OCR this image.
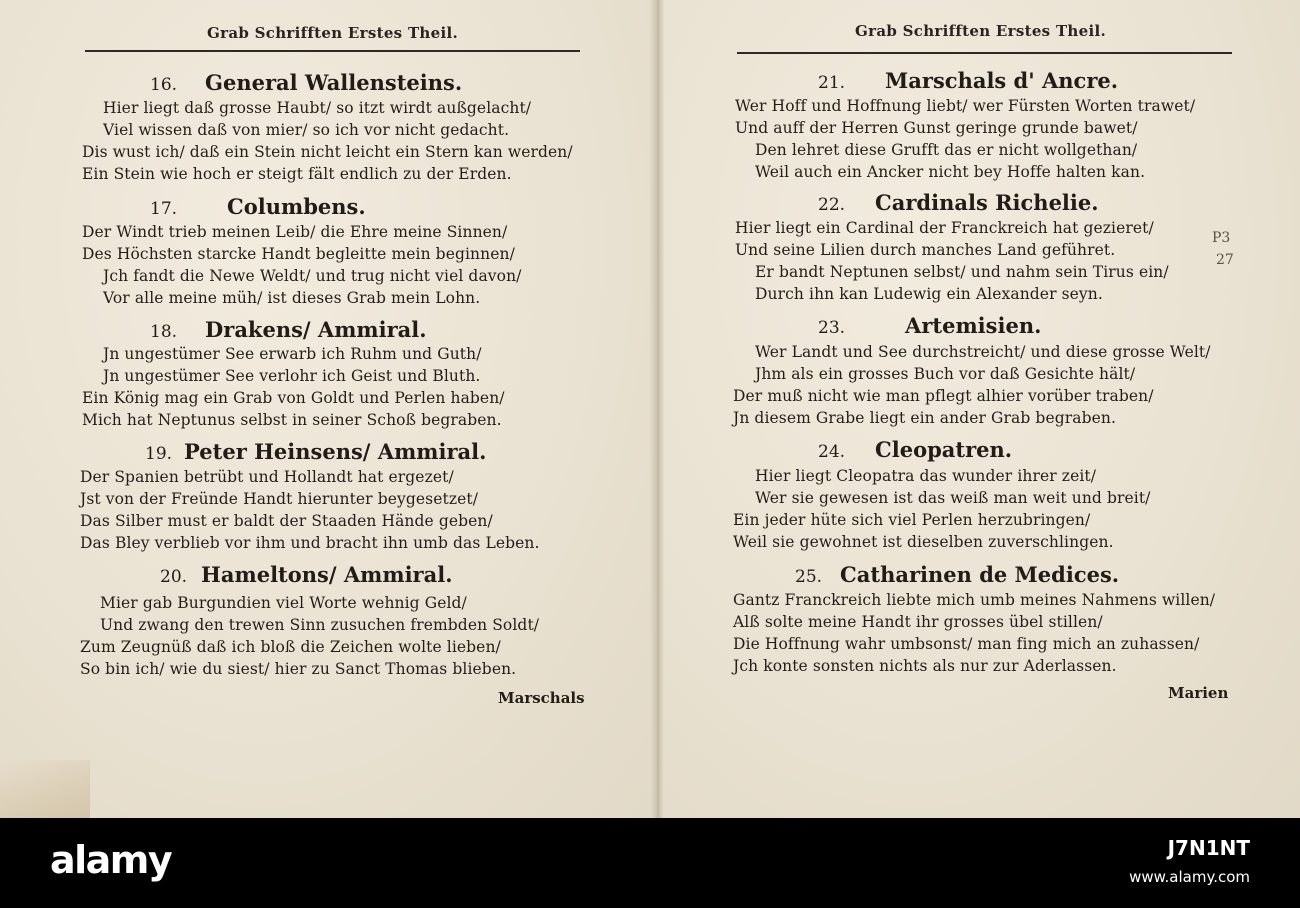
Grab Schrifften Erstes Theil.
16. General Wallensteins.
Hier liegt daß grosse Haubt/ so itzt wirdt außgelacht/
Viel wissen daß von mier/ so ich vor nicht gedacht.
Dis wust ich/ daß ein Stein nicht leicht ein Stern kan werden/
Ein Stein wie hoch er steigt fält endlich zu der Erden.
17. Columbens.
Der Windt trieb meinen Leib/ die Ehre meine Sinnen/
Des Höchsten starcke Handt begleitte mein beginnen/
Jch fandt die Newe Weldt/ und trug nicht viel davon/
Vor alle meine müh/ ist dieses Grab mein Lohn.
18. Drakens/ Ammiral.
Jn ungestümer See erwarb ich Ruhm und Guth/
Jn ungestümer See verlohr ich Geist und Bluth.
Ein König mag ein Grab von Goldt und Perlen haben/
Mich hat Neptunus selbst in seiner Schoß begraben.
19. Peter Heinsens/ Ammiral.
Der Spanien betrübt und Hollandt hat ergezet/
Jst von der Freünde Handt hierunter beygesetzet/
Das Silber must er baldt der Staaden Hände geben/
Das Bley verblieb vor ihm und bracht ihn umb das Leben.
20. Hameltons/ Ammiral.
Mier gab Burgundien viel Worte wehnig Geld/
Und zwang den trewen Sinn zusuchen frembden Soldt/
Zum Zeugnüß daß ich bloß die Zeichen wolte lieben/
So bin ich/ wie du siest/ hier zu Sanct Thomas blieben.
Marschals
Grab Schrifften Erstes Theil.
21. Marschals d' Ancre.
Wer Hoff und Hoffnung liebt/ wer Fürsten Worten trawet/
Und auff der Herren Gunst geringe grunde bawet/
Den lehret diese Grufft das er nicht wollgethan/
Weil auch ein Ancker nicht bey Hoffe halten kan.
22. Cardinals Richelie.
Hier liegt ein Cardinal der Franckreich hat gezieret/
Und seine Lilien durch manches Land geführet.
Er bandt Neptunen selbst/ und nahm sein Tirus ein/
Durch ihn kan Ludewig ein Alexander seyn.
P3
27
23.	Artemisien.
Wer Landt und See durchstreicht/ und diese grosse Welt/
Jhm als ein grosses Buch vor daß Gesichte hält/
Der muß nicht wie man pflegt alhier vorüber traben/
Jn diesem Grabe liegt ein ander Grab begraben.
24. Cleopatren.
Hier liegt Cleopatra das wunder ihrer zeit/
Wer sie gewesen ist das weiß man weit und breit/
Ein jeder hüte sich viel Perlen herzubringen/
Weil sie gewohnet ist dieselben zuverschlingen.
25. Catharinen de Medices.
Gantz Franckreich liebte mich umb meines Nahmens willen/
Alß solte meine Handt ihr grosses übel stillen/
Die Hoffnung wahr umbsonst/ man fing mich an zuhassen/
Jch konte sonsten nichts als nur zur Aderlassen.
Marien
alamy	J7N1NT
www.alamy.com
